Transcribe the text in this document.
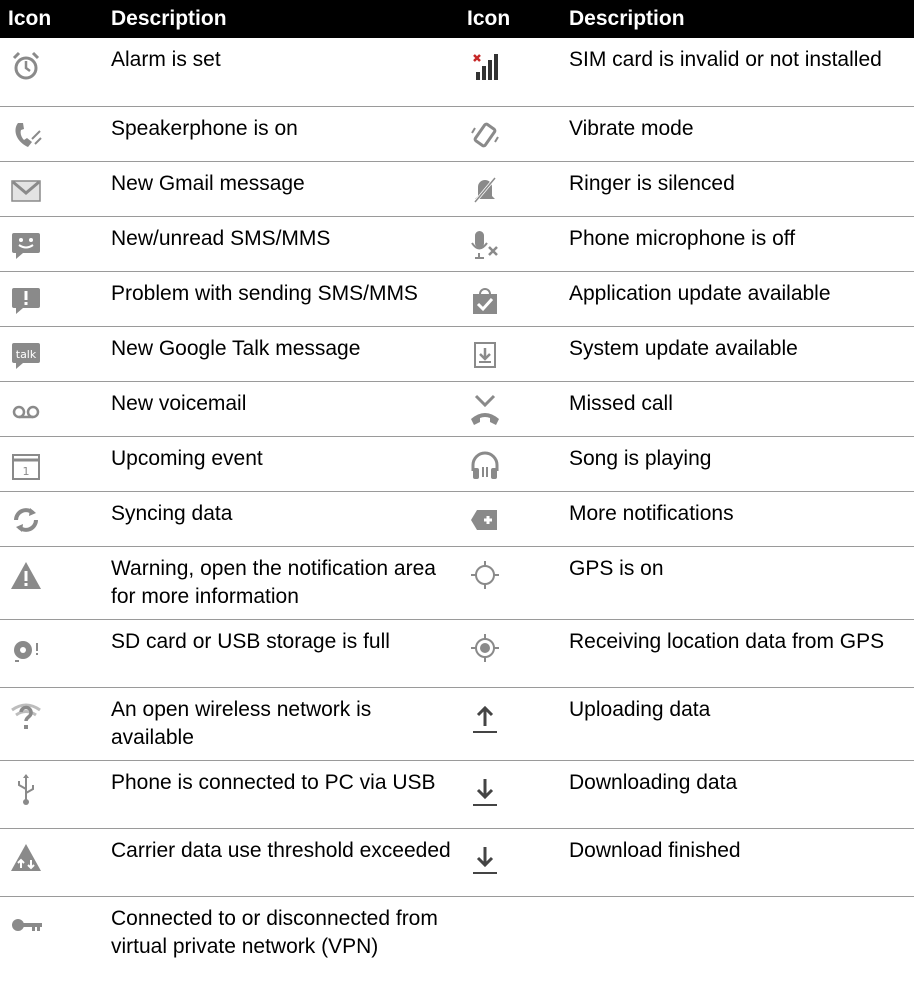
Icon	Description	Icon	Description

	Alarm is set		SIM card is invalid or not installed

	Speakerphone is on		Vibrate mode

	New Gmail message		Ringer is silenced

	New/unread SMS/MMS		Phone microphone is off

	Problem with sending SMS/MMS		Application update available

talk	New Google Talk message		System update available

	New voicemail		Missed call

1	Upcoming event		Song is playing

	Syncing data		More notifications

	Warning, open the notification area for more information		GPS is on

	SD card or USB storage is full		Receiving location data from GPS

	An open wireless network is available		Uploading data

	Phone is connected to PC via USB		Downloading data

	Carrier data use threshold exceeded		Download finished

	Connected to or disconnected from virtual private network (VPN)		
